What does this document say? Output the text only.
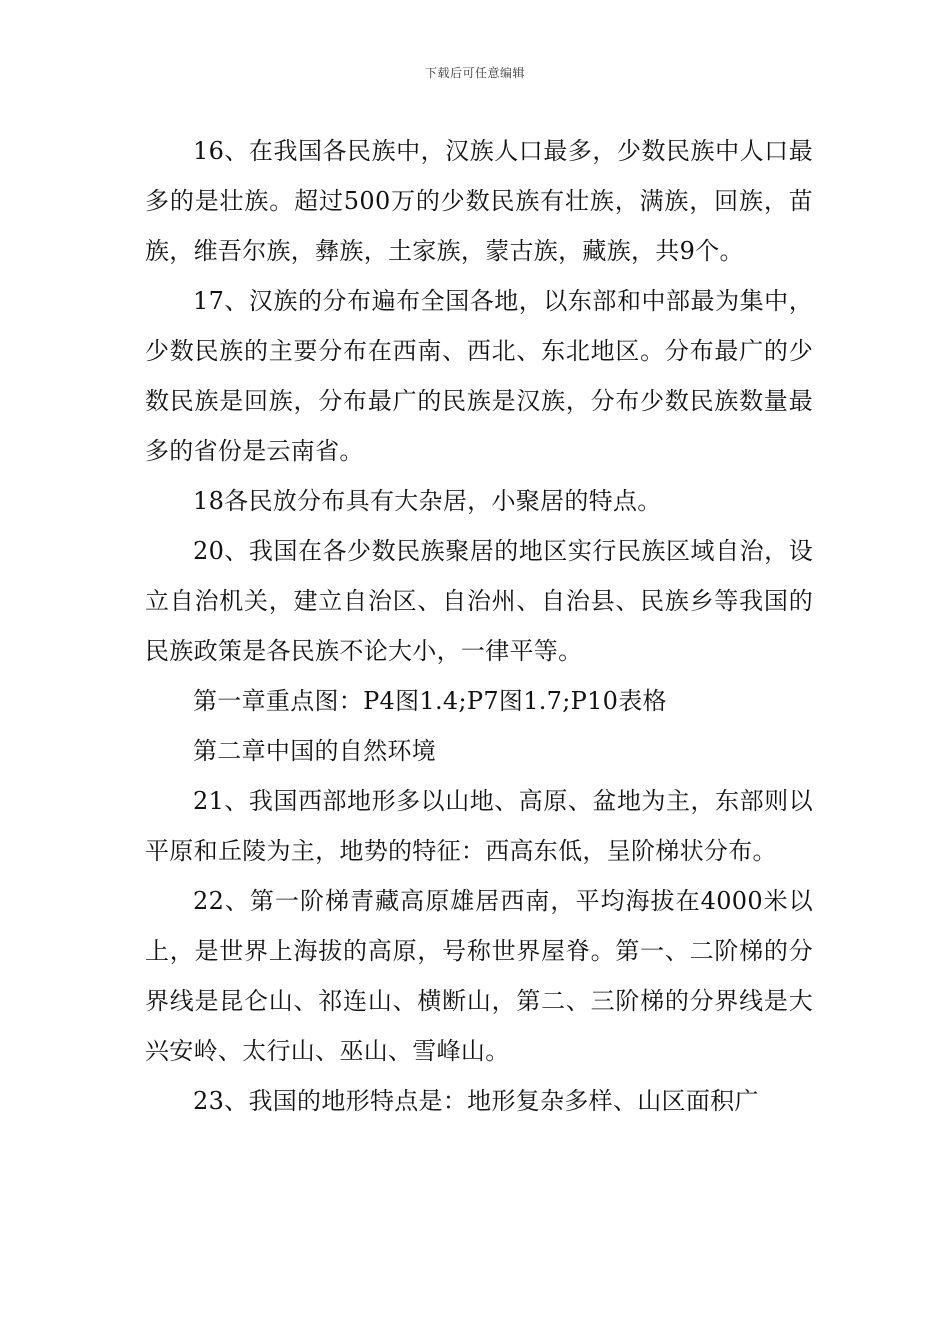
下载后可任意编辑

16、在我国各民族中，汉族人口最多，少数民族中人口最多的是壮族。超过500万的少数民族有壮族，满族，回族，苗族，维吾尔族，彝族，土家族，蒙古族，藏族，共9个。

17、汉族的分布遍布全国各地，以东部和中部最为集中，少数民族的主要分布在西南、西北、东北地区。分布最广的少数民族是回族，分布最广的民族是汉族，分布少数民族数量最多的省份是云南省。

18各民放分布具有大杂居，小聚居的特点。

20、我国在各少数民族聚居的地区实行民族区域自治，设立自治机关，建立自治区、自治州、自治县、民族乡等我国的民族政策是各民族不论大小，一律平等。

第一章重点图：P4图1.4;P7图1.7;P10表格

第二章中国的自然环境

21、我国西部地形多以山地、高原、盆地为主，东部则以平原和丘陵为主，地势的特征：西高东低，呈阶梯状分布。

22、第一阶梯青藏高原雄居西南，平均海拔在4000米以上，是世界上海拔的高原，号称世界屋脊。第一、二阶梯的分界线是昆仑山、祁连山、横断山，第二、三阶梯的分界线是大兴安岭、太行山、巫山、雪峰山。

23、我国的地形特点是：地形复杂多样、山区面积广
